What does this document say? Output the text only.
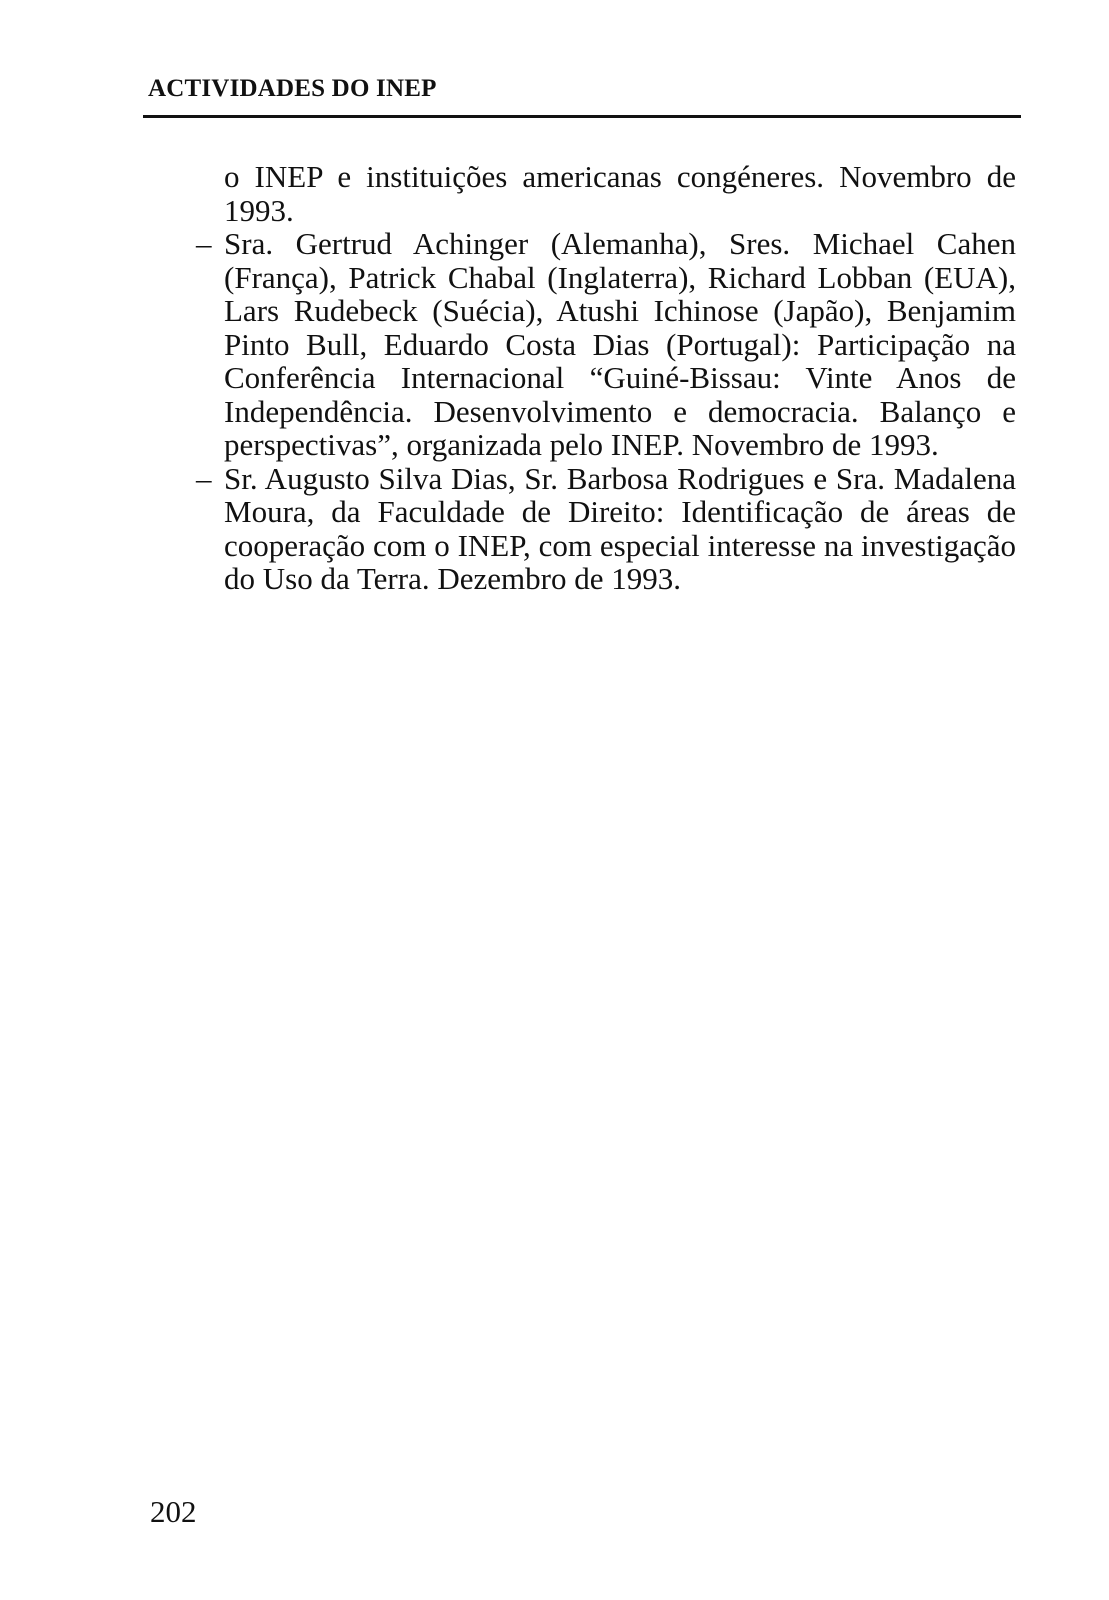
ACTIVIDADES DO INEP

o INEP e instituições americanas congéneres. Novembro de 1993.

– Sra. Gertrud Achinger (Alemanha), Sres. Michael Cahen (França), Patrick Chabal (Inglaterra), Richard Lobban (EUA), Lars Rudebeck (Suécia), Atushi Ichinose (Japão), Benjamim Pinto Bull, Eduardo Costa Dias (Portugal): Participação na Conferência Internacional “Guiné-Bissau: Vinte Anos de Independência. Desenvolvimento e democracia. Balanço e perspectivas”, organizada pelo INEP. Novembro de 1993.
– Sr. Augusto Silva Dias, Sr. Barbosa Rodrigues e Sra. Madalena Moura, da Faculdade de Direito: Identificação de áreas de cooperação com o INEP, com especial interesse na investigação do Uso da Terra. Dezembro de 1993.
202
